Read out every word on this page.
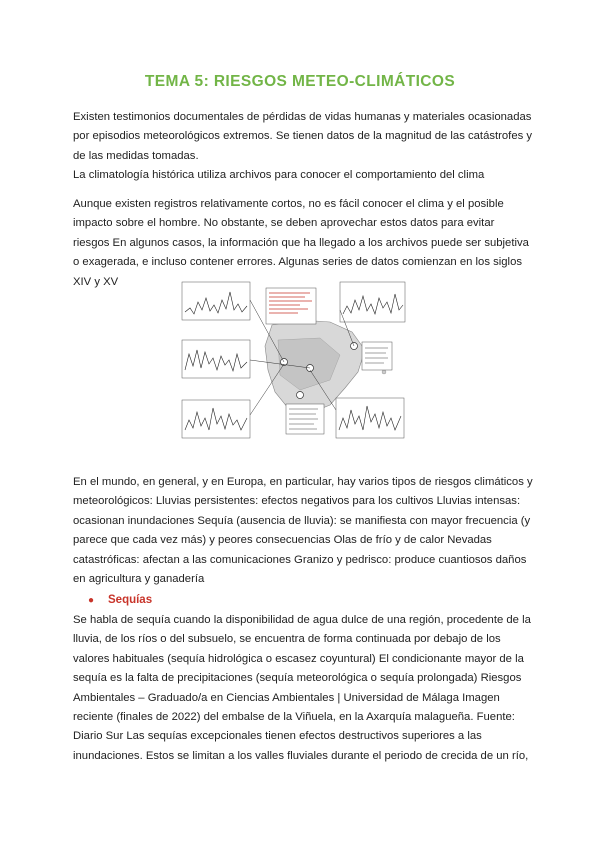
TEMA 5: RIESGOS METEO-CLIMÁTICOS
Existen testimonios documentales de pérdidas de vidas humanas y materiales ocasionadas por episodios meteorológicos extremos. Se tienen datos de la magnitud de las catástrofes y de las medidas tomadas.
La climatología histórica utiliza archivos para conocer el comportamiento del clima

Aunque existen registros relativamente cortos, no es fácil conocer el clima y el posible impacto sobre el hombre. No obstante, se deben aprovechar estos datos para evitar riesgos En algunos casos, la información que ha llegado a los archivos puede ser subjetiva o exagerada, e incluso contener errores. Algunas series de datos comienzan en los siglos XIV y XV

En el mundo, en general, y en Europa, en particular, hay varios tipos de riesgos climáticos y meteorológicos: Lluvias persistentes: efectos negativos para los cultivos Lluvias intensas: ocasionan inundaciones Sequía (ausencia de lluvia): se manifiesta con mayor frecuencia (y parece que cada vez más) y peores consecuencias Olas de frío y de calor Nevadas catastróficas: afectan a las comunicaciones Granizo y pedrisco: produce cuantiosos daños en agricultura y ganadería

● Sequías

Se habla de sequía cuando la disponibilidad de agua dulce de una región, procedente de la lluvia, de los ríos o del subsuelo, se encuentra de forma continuada por debajo de los valores habituales (sequía hidrológica o escasez coyuntural) El condicionante mayor de la sequía es la falta de precipitaciones (sequía meteorológica o sequía prolongada) Riesgos Ambientales – Graduado/a en Ciencias Ambientales | Universidad de Málaga Imagen reciente (finales de 2022) del embalse de la Viñuela, en la Axarquía malagueña. Fuente: Diario Sur Las sequías excepcionales tienen efectos destructivos superiores a las inundaciones. Estos se limitan a los valles fluviales durante el periodo de crecida de un río,
